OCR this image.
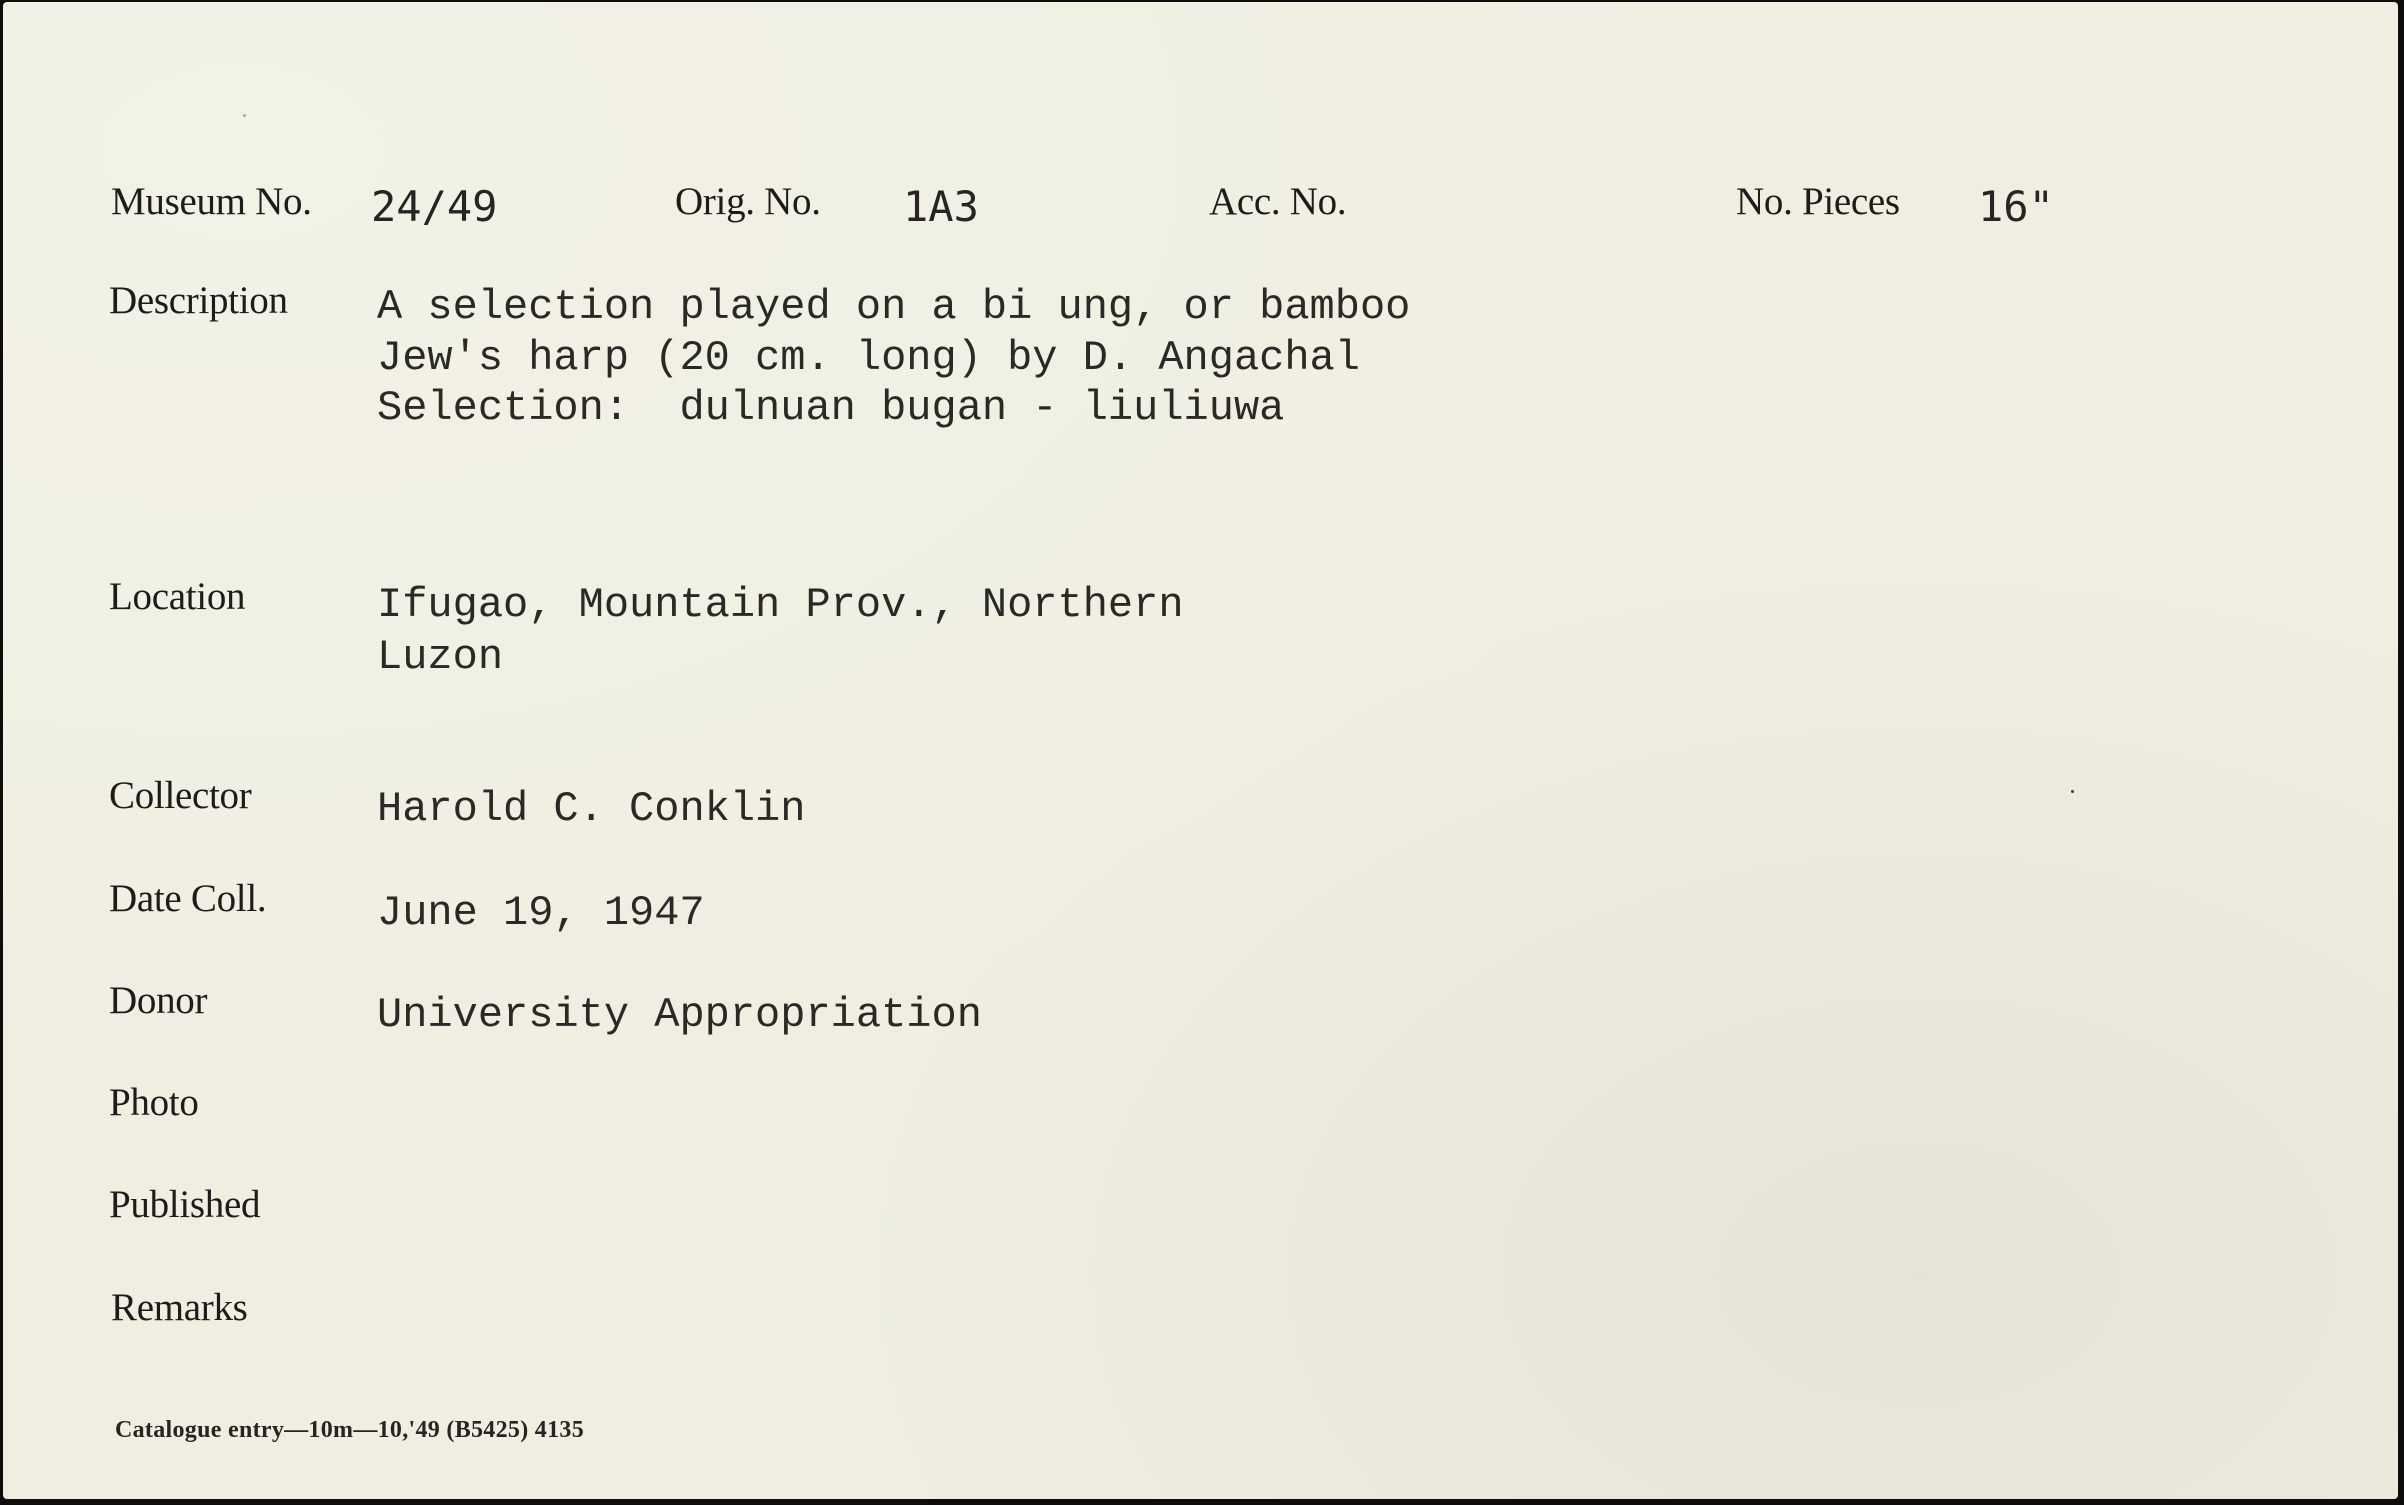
Museum No. 24/49	Orig. No. 1A3	Acc. No.	No. Pieces 16"
Description A selection played on a bi ung, or bamboo
Jew's harp (20 cm. long) by D. Angachal
Selection:  dulnuan bugan - liuliuwa
Location	Ifugao, Mountain Prov., Northern
Luzon
Collector	Harold C. Conklin
Date Coll.	June 19, 1947
Donor	University Appropriation
Photo
Published
Remarks
Catalogue entry—10m—10,'49 (B5425) 4135
